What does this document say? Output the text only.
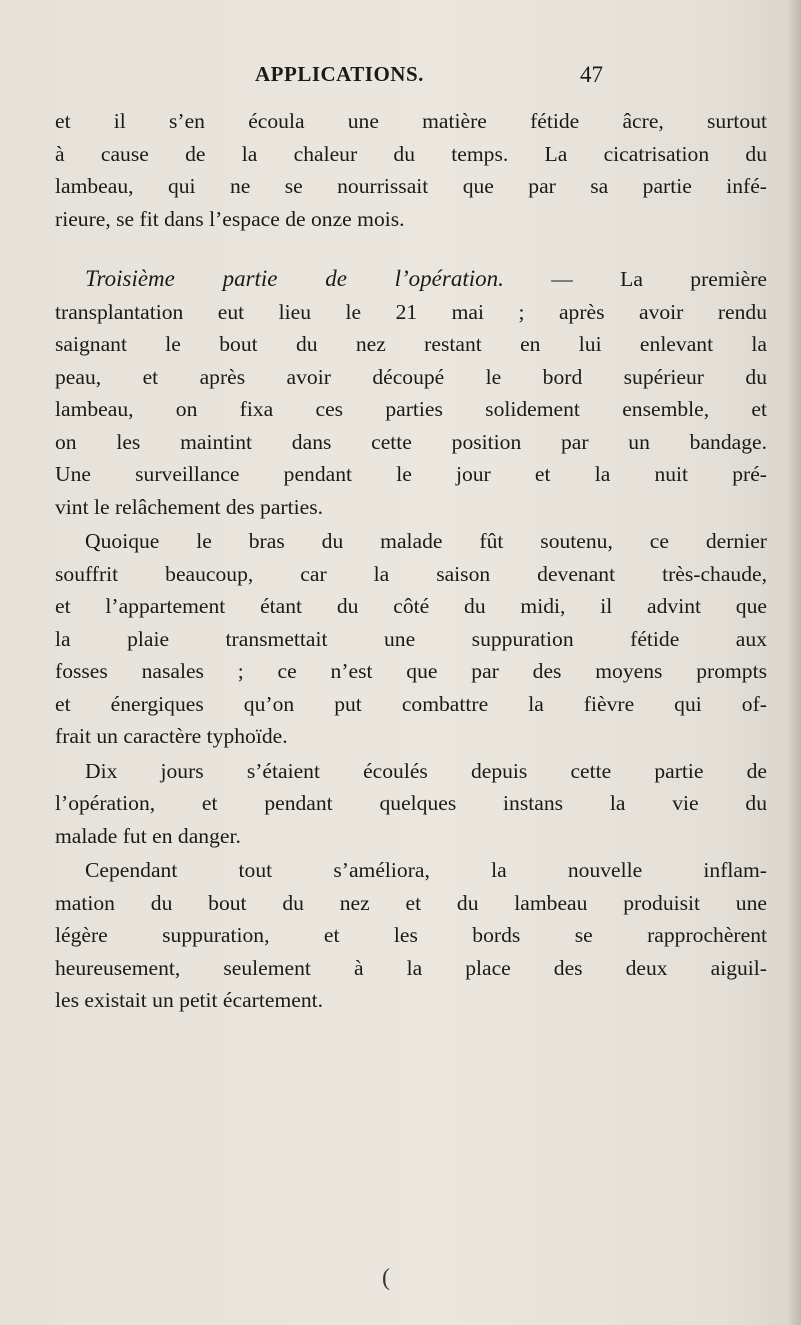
APPLICATIONS.	47
et il s’en écoula une matière fétide âcre, surtout
à cause de la chaleur du temps. La cicatrisation du
lambeau, qui ne se nourrissait que par sa partie infé-
rieure, se fit dans l’espace de onze mois.
Troisième partie de l’opération. — La première
transplantation eut lieu le 21 mai ; après avoir rendu
saignant le bout du nez restant en lui enlevant la
peau, et après avoir découpé le bord supérieur du
lambeau, on fixa ces parties solidement ensemble, et
on les maintint dans cette position par un bandage.
Une surveillance pendant le jour et la nuit pré-
vint le relâchement des parties.
Quoique le bras du malade fût soutenu, ce dernier
souffrit beaucoup, car la saison devenant très-chaude,
et l’appartement étant du côté du midi, il advint que
la plaie transmettait une suppuration fétide aux
fosses nasales ; ce n’est que par des moyens prompts
et énergiques qu’on put combattre la fièvre qui of-
frait un caractère typhoïde.
Dix jours s’étaient écoulés depuis cette partie de
l’opération, et pendant quelques instans la vie du
malade fut en danger.
Cependant tout s’améliora, la nouvelle inflam-
mation du bout du nez et du lambeau produisit une
légère suppuration, et les bords se rapprochèrent
heureusement, seulement à la place des deux aiguil-
les existait un petit écartement.
(
